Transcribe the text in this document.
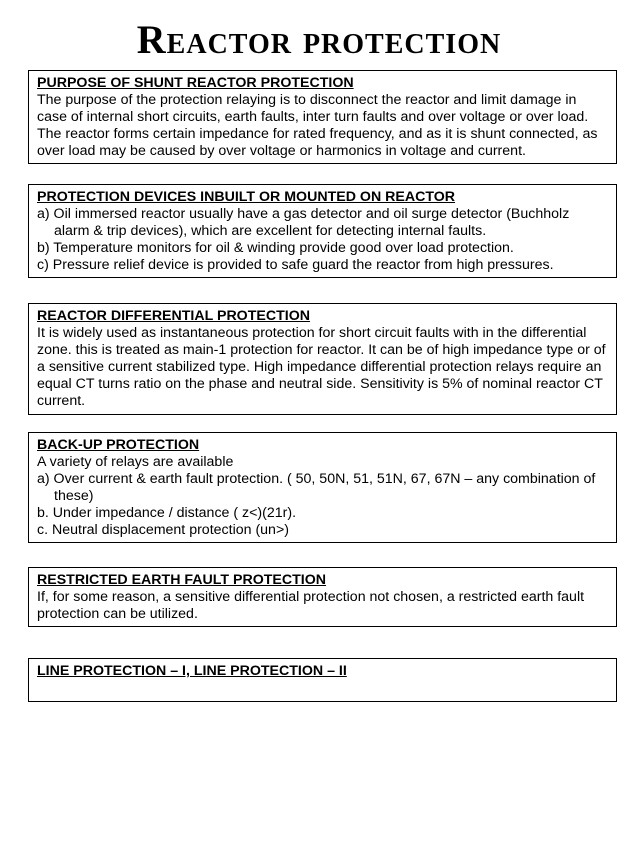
Reactor protection

PURPOSE OF SHUNT REACTOR PROTECTION

The purpose of the protection relaying is to disconnect the reactor and limit damage in case of internal short circuits, earth faults, inter turn faults and over voltage or over load. The reactor forms certain impedance for rated frequency, and as it is shunt connected, as over load may be caused by over voltage or harmonics in voltage and current.

PROTECTION DEVICES INBUILT OR MOUNTED ON REACTOR

a) Oil immersed reactor usually have a gas detector and oil surge detector (Buchholz alarm & trip devices), which are excellent for detecting internal faults.

b) Temperature monitors for oil & winding provide good over load protection.

c) Pressure relief device is provided to safe guard the reactor from high pressures.

REACTOR DIFFERENTIAL PROTECTION

It is widely used as instantaneous protection for short circuit faults with in the differential zone. this is treated as main-1 protection for reactor. It can be of high impedance type or of a sensitive current stabilized type. High impedance differential protection relays require an equal CT turns ratio on the phase and neutral side. Sensitivity is 5% of nominal reactor CT current.

BACK-UP PROTECTION

A variety of relays are available

a) Over current & earth fault protection. ( 50, 50N, 51, 51N, 67, 67N – any combination of these)

b. Under impedance / distance ( z<)(21r).

c. Neutral displacement protection (un>)

RESTRICTED EARTH FAULT PROTECTION

If, for some reason, a sensitive differential protection not chosen, a restricted earth fault protection can be utilized.

LINE PROTECTION – I, LINE PROTECTION – II
